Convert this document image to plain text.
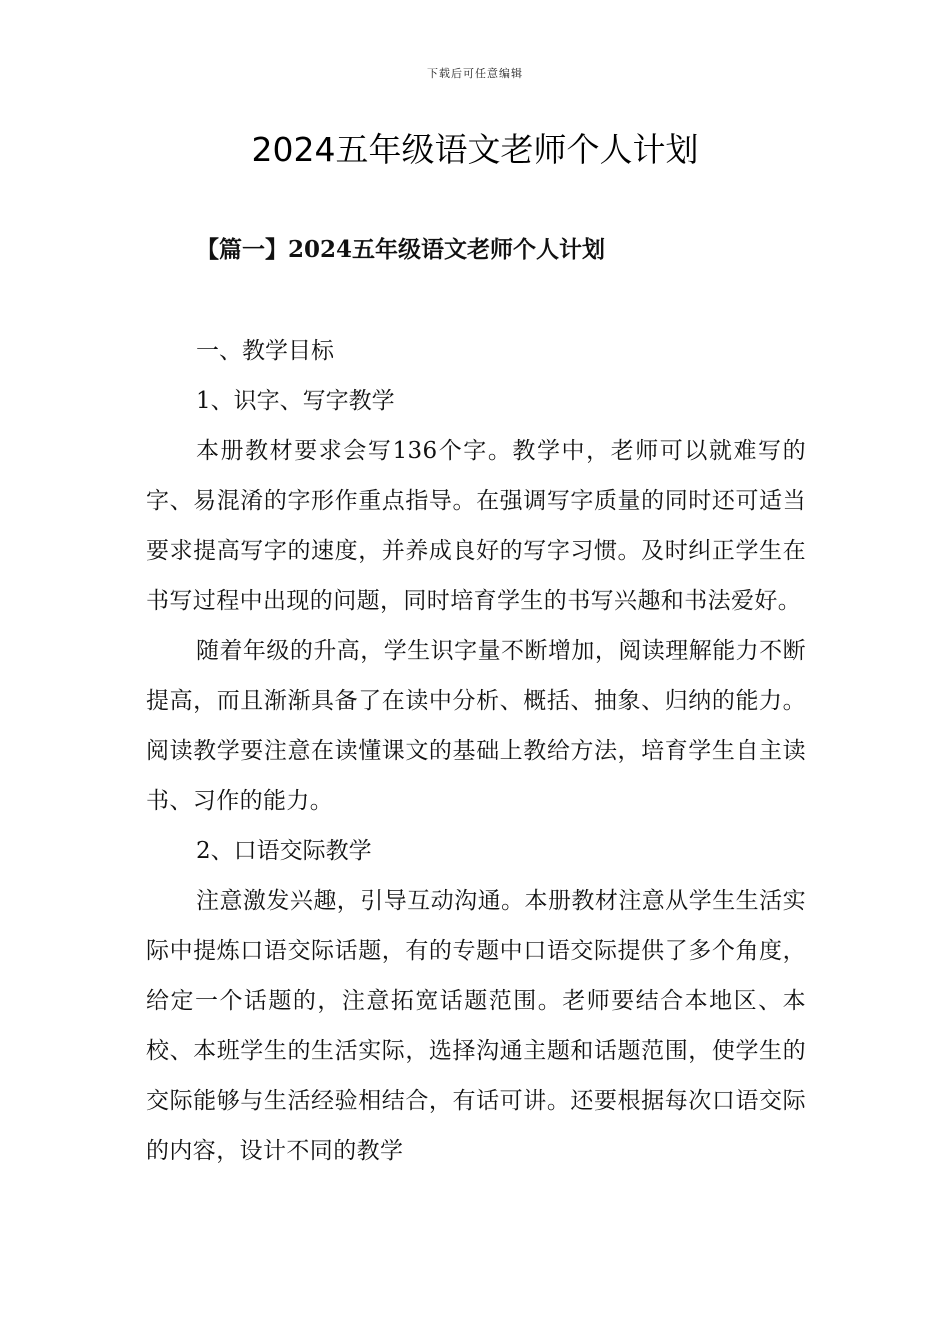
下载后可任意编辑
2024五年级语文老师个人计划
【篇一】2024五年级语文老师个人计划

一、教学目标

1、识字、写字教学

本册教材要求会写136个字。教学中，老师可以就难写的字、易混淆的字形作重点指导。在强调写字质量的同时还可适当要求提高写字的速度，并养成良好的写字习惯。及时纠正学生在书写过程中出现的问题，同时培育学生的书写兴趣和书法爱好。

随着年级的升高，学生识字量不断增加，阅读理解能力不断提高，而且渐渐具备了在读中分析、概括、抽象、归纳的能力。阅读教学要注意在读懂课文的基础上教给方法，培育学生自主读书、习作的能力。

2、口语交际教学

注意激发兴趣，引导互动沟通。本册教材注意从学生生活实际中提炼口语交际话题，有的专题中口语交际提供了多个角度，给定一个话题的，注意拓宽话题范围。老师要结合本地区、本校、本班学生的生活实际，选择沟通主题和话题范围，使学生的交际能够与生活经验相结合，有话可讲。还要根据每次口语交际的内容，设计不同的教学
